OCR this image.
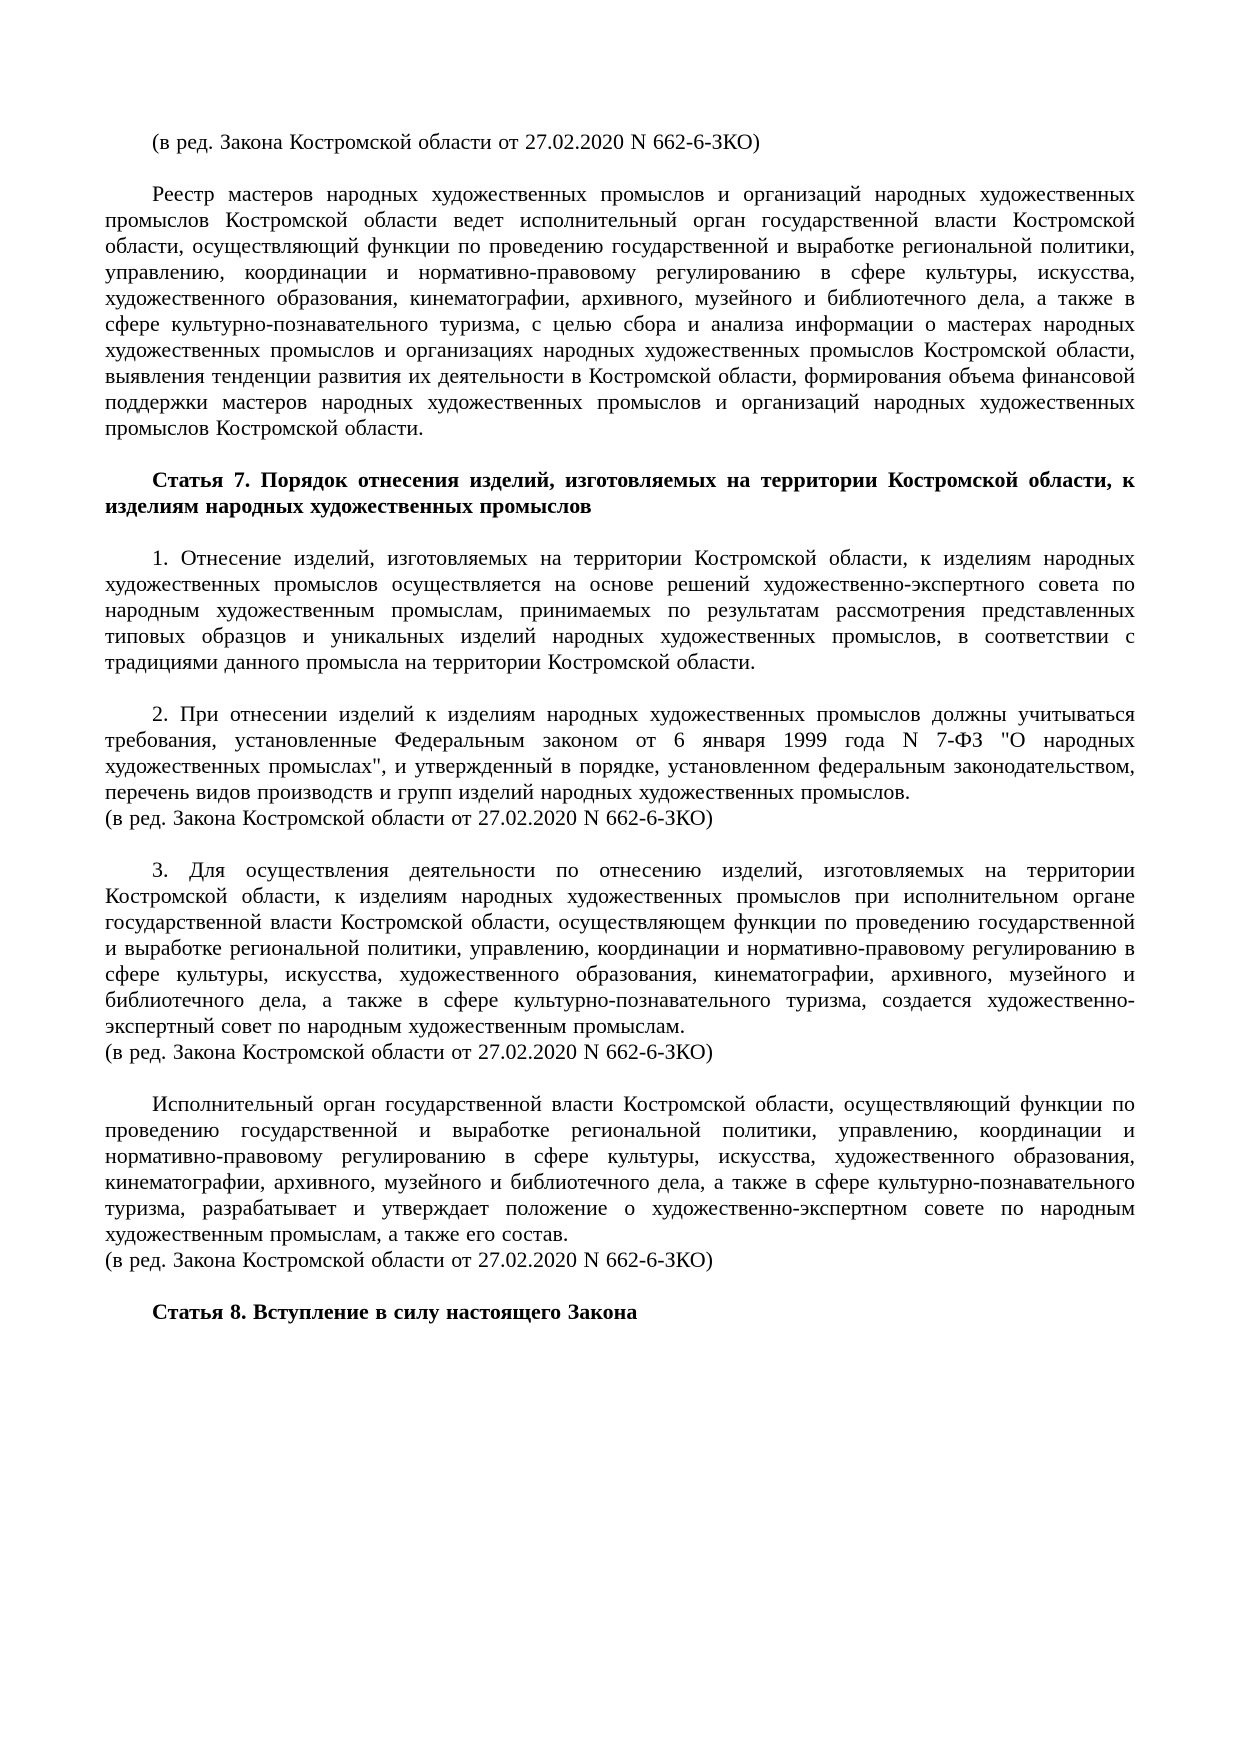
(в ред. Закона Костромской области от 27.02.2020 N 662-6-ЗКО)

Реестр мастеров народных художественных промыслов и организаций народных художественных промыслов Костромской области ведет исполнительный орган государственной власти Костромской области, осуществляющий функции по проведению государственной и выработке региональной политики, управлению, координации и нормативно-правовому регулированию в сфере культуры, искусства, художественного образования, кинематографии, архивного, музейного и библиотечного дела, а также в сфере культурно-познавательного туризма, с целью сбора и анализа информации о мастерах народных художественных промыслов и организациях народных художественных промыслов Костромской области, выявления тенденции развития их деятельности в Костромской области, формирования объема финансовой поддержки мастеров народных художественных промыслов и организаций народных художественных промыслов Костромской области.

Статья 7. Порядок отнесения изделий, изготовляемых на территории Костромской области, к изделиям народных художественных промыслов

1. Отнесение изделий, изготовляемых на территории Костромской области, к изделиям народных художественных промыслов осуществляется на основе решений художественно-экспертного совета по народным художественным промыслам, принимаемых по результатам рассмотрения представленных типовых образцов и уникальных изделий народных художественных промыслов, в соответствии с традициями данного промысла на территории Костромской области.

2. При отнесении изделий к изделиям народных художественных промыслов должны учитываться требования, установленные Федеральным законом от 6 января 1999 года N 7-ФЗ "О народных художественных промыслах", и утвержденный в порядке, установленном федеральным законодательством, перечень видов производств и групп изделий народных художественных промыслов.

(в ред. Закона Костромской области от 27.02.2020 N 662-6-ЗКО)

3. Для осуществления деятельности по отнесению изделий, изготовляемых на территории Костромской области, к изделиям народных художественных промыслов при исполнительном органе государственной власти Костромской области, осуществляющем функции по проведению государственной и выработке региональной политики, управлению, координации и нормативно-правовому регулированию в сфере культуры, искусства, художественного образования, кинематографии, архивного, музейного и библиотечного дела, а также в сфере культурно-познавательного туризма, создается художественно-экспертный совет по народным художественным промыслам.

(в ред. Закона Костромской области от 27.02.2020 N 662-6-ЗКО)

Исполнительный орган государственной власти Костромской области, осуществляющий функции по проведению государственной и выработке региональной политики, управлению, координации и нормативно-правовому регулированию в сфере культуры, искусства, художественного образования, кинематографии, архивного, музейного и библиотечного дела, а также в сфере культурно-познавательного туризма, разрабатывает и утверждает положение о художественно-экспертном совете по народным художественным промыслам, а также его состав.

(в ред. Закона Костромской области от 27.02.2020 N 662-6-ЗКО)

Статья 8. Вступление в силу настоящего Закона
